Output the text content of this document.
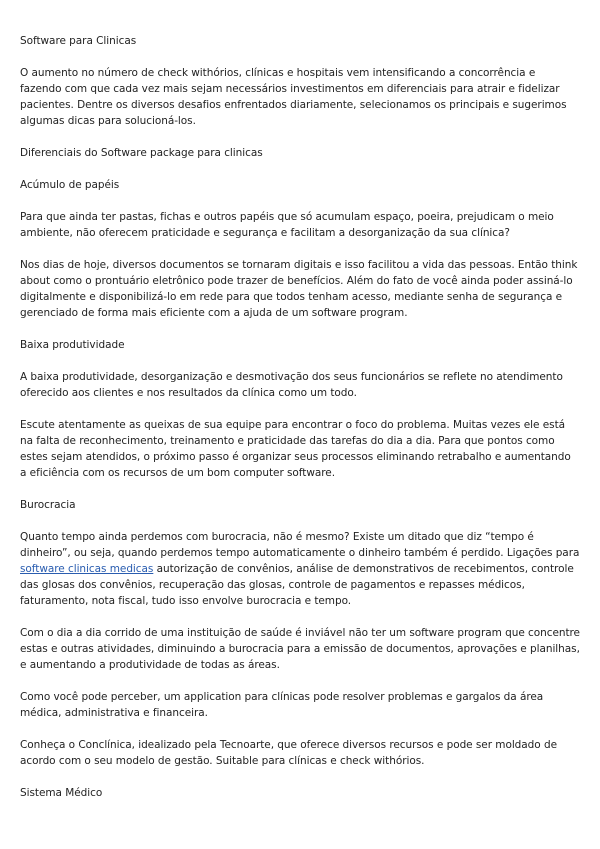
Software para Clinicas

O aumento no número de check withórios, clínicas e hospitais vem intensificando a concorrência e fazendo com que cada vez mais sejam necessários investimentos em diferenciais para atrair e fidelizar pacientes. Dentre os diversos desafios enfrentados diariamente, selecionamos os principais e sugerimos algumas dicas para solucioná-los.

Diferenciais do Software package para clinicas

Acúmulo de papéis

Para que ainda ter pastas, fichas e outros papéis que só acumulam espaço, poeira, prejudicam o meio ambiente, não oferecem praticidade e segurança e facilitam a desorganização da sua clínica?

Nos dias de hoje, diversos documentos se tornaram digitais e isso facilitou a vida das pessoas. Então think about como o prontuário eletrônico pode trazer de benefícios. Além do fato de você ainda poder assiná-lo digitalmente e disponibilizá-lo em rede para que todos tenham acesso, mediante senha de segurança e gerenciado de forma mais eficiente com a ajuda de um software program.

Baixa produtividade

A baixa produtividade, desorganização e desmotivação dos seus funcionários se reflete no atendimento oferecido aos clientes e nos resultados da clínica como um todo.

Escute atentamente as queixas de sua equipe para encontrar o foco do problema. Muitas vezes ele está na falta de reconhecimento, treinamento e praticidade das tarefas do dia a dia. Para que pontos como estes sejam atendidos, o próximo passo é organizar seus processos eliminando retrabalho e aumentando a eficiência com os recursos de um bom computer software.

Burocracia

Quanto tempo ainda perdemos com burocracia, não é mesmo? Existe um ditado que diz “tempo é dinheiro”, ou seja, quando perdemos tempo automaticamente o dinheiro também é perdido. Ligações para software clinicas medicas autorização de convênios, análise de demonstrativos de recebimentos, controle das glosas dos convênios, recuperação das glosas, controle de pagamentos e repasses médicos, faturamento, nota fiscal, tudo isso envolve burocracia e tempo.

Com o dia a dia corrido de uma instituição de saúde é inviável não ter um software program que concentre estas e outras atividades, diminuindo a burocracia para a emissão de documentos, aprovações e planilhas, e aumentando a produtividade de todas as áreas.

Como você pode perceber, um application para clínicas pode resolver problemas e gargalos da área médica, administrativa e financeira.

Conheça o Conclínica, idealizado pela Tecnoarte, que oferece diversos recursos e pode ser moldado de acordo com o seu modelo de gestão. Suitable para clínicas e check withórios.

Sistema Médico
